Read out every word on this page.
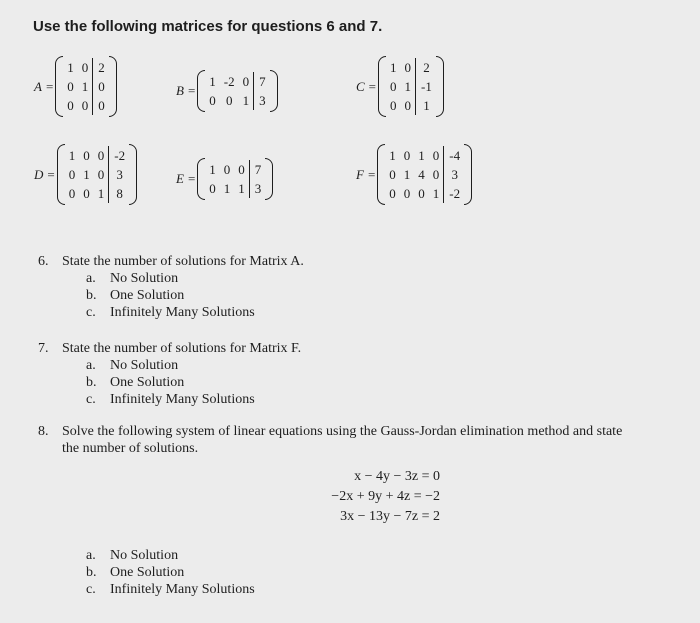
Use the following matrices for questions 6 and 7.
A =
1	0	2
0	1	0
0	0	0
B =
1	-2	0	7
0	0	1	3
C =
1	0	2
0	1	-1
0	0	1
D =
1	0	0	-2
0	1	0	3
0	0	1	8
E =
1	0	0	7
0	1	1	3
F =
1	0	1	0	-4
0	1	4	0	3
0	0	0	1	-2
6. State the number of solutions for Matrix A.
a. No Solution
b. One Solution
c. Infinitely Many Solutions
7. State the number of solutions for Matrix F.
a. No Solution
b. One Solution
c. Infinitely Many Solutions
8. Solve the following system of linear equations using the Gauss-Jordan elimination method and state
the number of solutions.
x − 4y − 3z = 0
−2x + 9y + 4z = −2
3x − 13y − 7z = 2
a. No Solution
b. One Solution
c. Infinitely Many Solutions
